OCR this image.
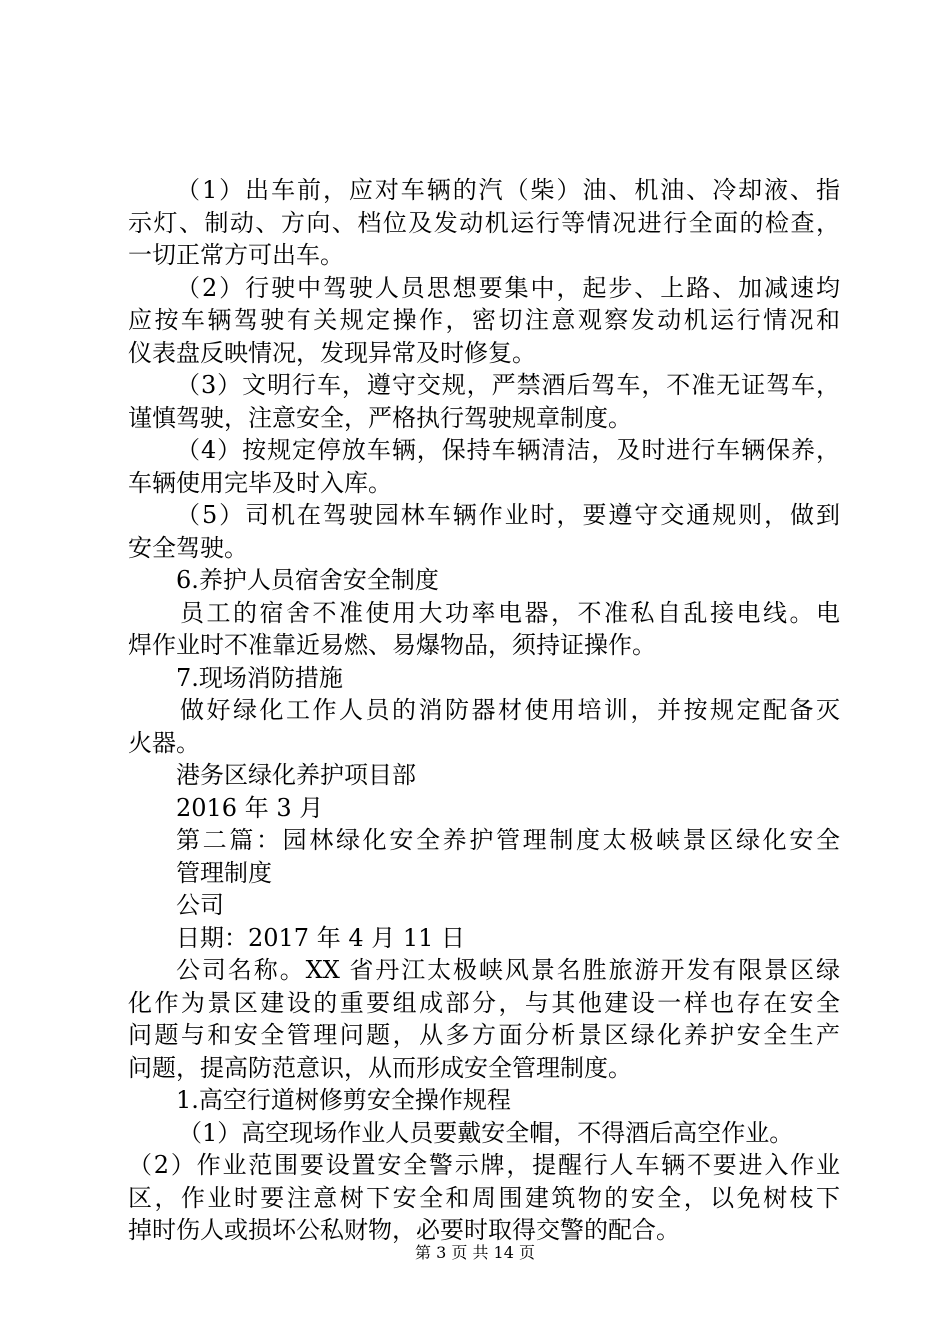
（1）出车前，应对车辆的汽（柴）油、机油、冷却液、指
示灯、制动、方向、档位及发动机运行等情况进行全面的检查，
一切正常方可出车。
（2）行驶中驾驶人员思想要集中，起步、上路、加减速均
应按车辆驾驶有关规定操作，密切注意观察发动机运行情况和
仪表盘反映情况，发现异常及时修复。
（3）文明行车，遵守交规，严禁酒后驾车，不准无证驾车，
谨慎驾驶，注意安全，严格执行驾驶规章制度。
（4）按规定停放车辆，保持车辆清洁，及时进行车辆保养，
车辆使用完毕及时入库。
（5）司机在驾驶园林车辆作业时，要遵守交通规则，做到
安全驾驶。
6.养护人员宿舍安全制度
员工的宿舍不准使用大功率电器，不准私自乱接电线。电
焊作业时不准靠近易燃、易爆物品，须持证操作。
7.现场消防措施
做好绿化工作人员的消防器材使用培训，并按规定配备灭
火器。
港务区绿化养护项目部
2016 年 3 月
第二篇：园林绿化安全养护管理制度太极峡景区绿化安全
管理制度
公司
日期：2017 年 4 月 11 日
公司名称。XX 省丹江太极峡风景名胜旅游开发有限景区绿
化作为景区建设的重要组成部分，与其他建设一样也存在安全
问题与和安全管理问题，从多方面分析景区绿化养护安全生产
问题，提高防范意识，从而形成安全管理制度。
1.高空行道树修剪安全操作规程
（1）高空现场作业人员要戴安全帽，不得酒后高空作业。
（2）作业范围要设置安全警示牌，提醒行人车辆不要进入作业
区，作业时要注意树下安全和周围建筑物的安全，以免树枝下
掉时伤人或损坏公私财物，必要时取得交警的配合。
第 3 页 共 14 页
